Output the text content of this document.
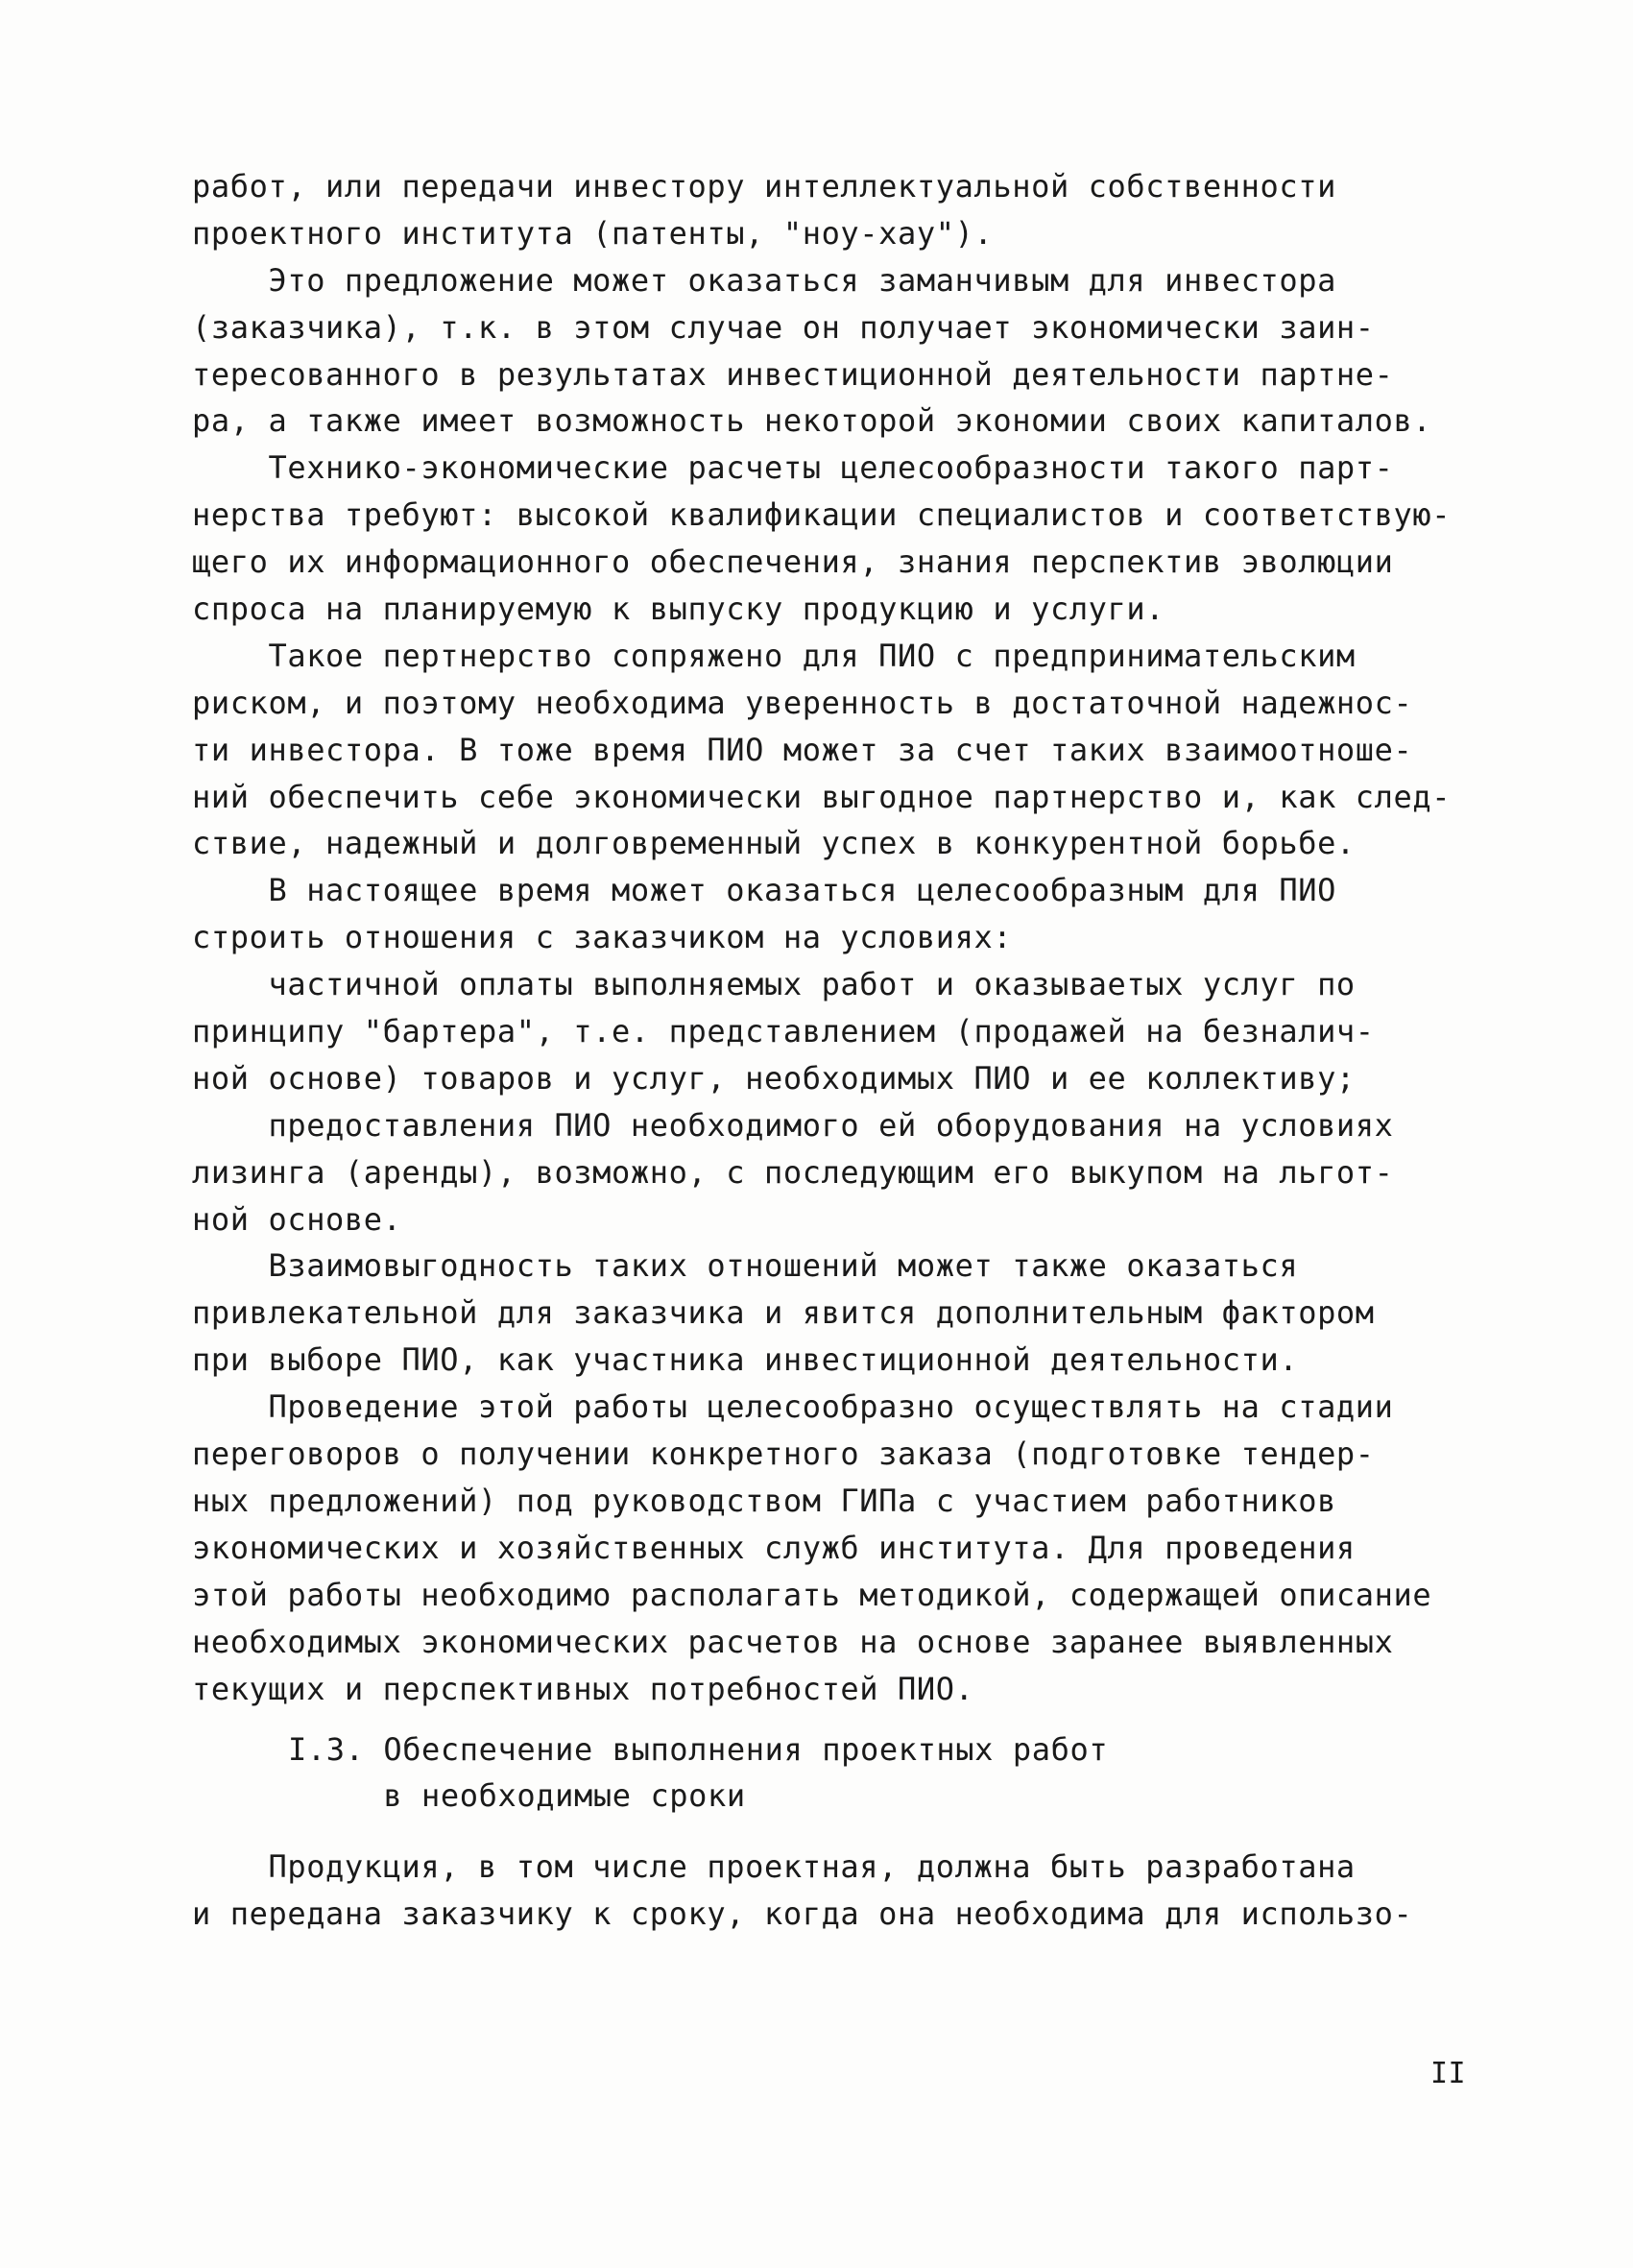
работ, или передачи инвестору интеллектуальной собственности
проектного института (патенты, "ноу-хау").
Это предложение может оказаться заманчивым для инвестора
(заказчика), т.к. в этом случае он получает экономически заин-
тересованного в результатах инвестиционной деятельности партне-
ра, а также имеет возможность некоторой экономии своих капиталов.
Технико-экономические расчеты целесообразности такого парт-
нерства требуют: высокой квалификации специалистов и соответствую-
щего их информационного обеспечения, знания перспектив эволюции
спроса на планируемую к выпуску продукцию и услуги.
Такое пертнерство сопряжено для ПИО с предпринимательским
риском, и поэтому необходима уверенность в достаточной надежнос-
ти инвестора. В тоже время ПИО может за счет таких взаимоотноше-
ний обеспечить себе экономически выгодное партнерство и, как след-
ствие, надежный и долговременный успех в конкурентной борьбе.
В настоящее время может оказаться целесообразным для ПИО
строить отношения с заказчиком на условиях:
частичной оплаты выполняемых работ и оказываетых услуг по
принципу "бартера", т.е. представлением (продажей на безналич-
ной основе) товаров и услуг, необходимых ПИО и ее коллективу;
предоставления ПИО необходимого ей оборудования на условиях
лизинга (аренды), возможно, с последующим его выкупом на льгот-
ной основе.
Взаимовыгодность таких отношений может также оказаться
привлекательной для заказчика и явится дополнительным фактором
при выборе ПИО, как участника инвестиционной деятельности.
Проведение этой работы целесообразно осуществлять на стадии
переговоров о получении конкретного заказа (подготовке тендер-
ных предложений) под руководством ГИПа с участием работников
экономических и хозяйственных служб института. Для проведения
этой работы необходимо располагать методикой, содержащей описание
необходимых экономических расчетов на основе заранее выявленных
текущих и перспективных потребностей ПИО.
I.3. Обеспечение выполнения проектных работ
в необходимые сроки
Продукция, в том числе проектная, должна быть разработана
и передана заказчику к сроку, когда она необходима для использо-
II
